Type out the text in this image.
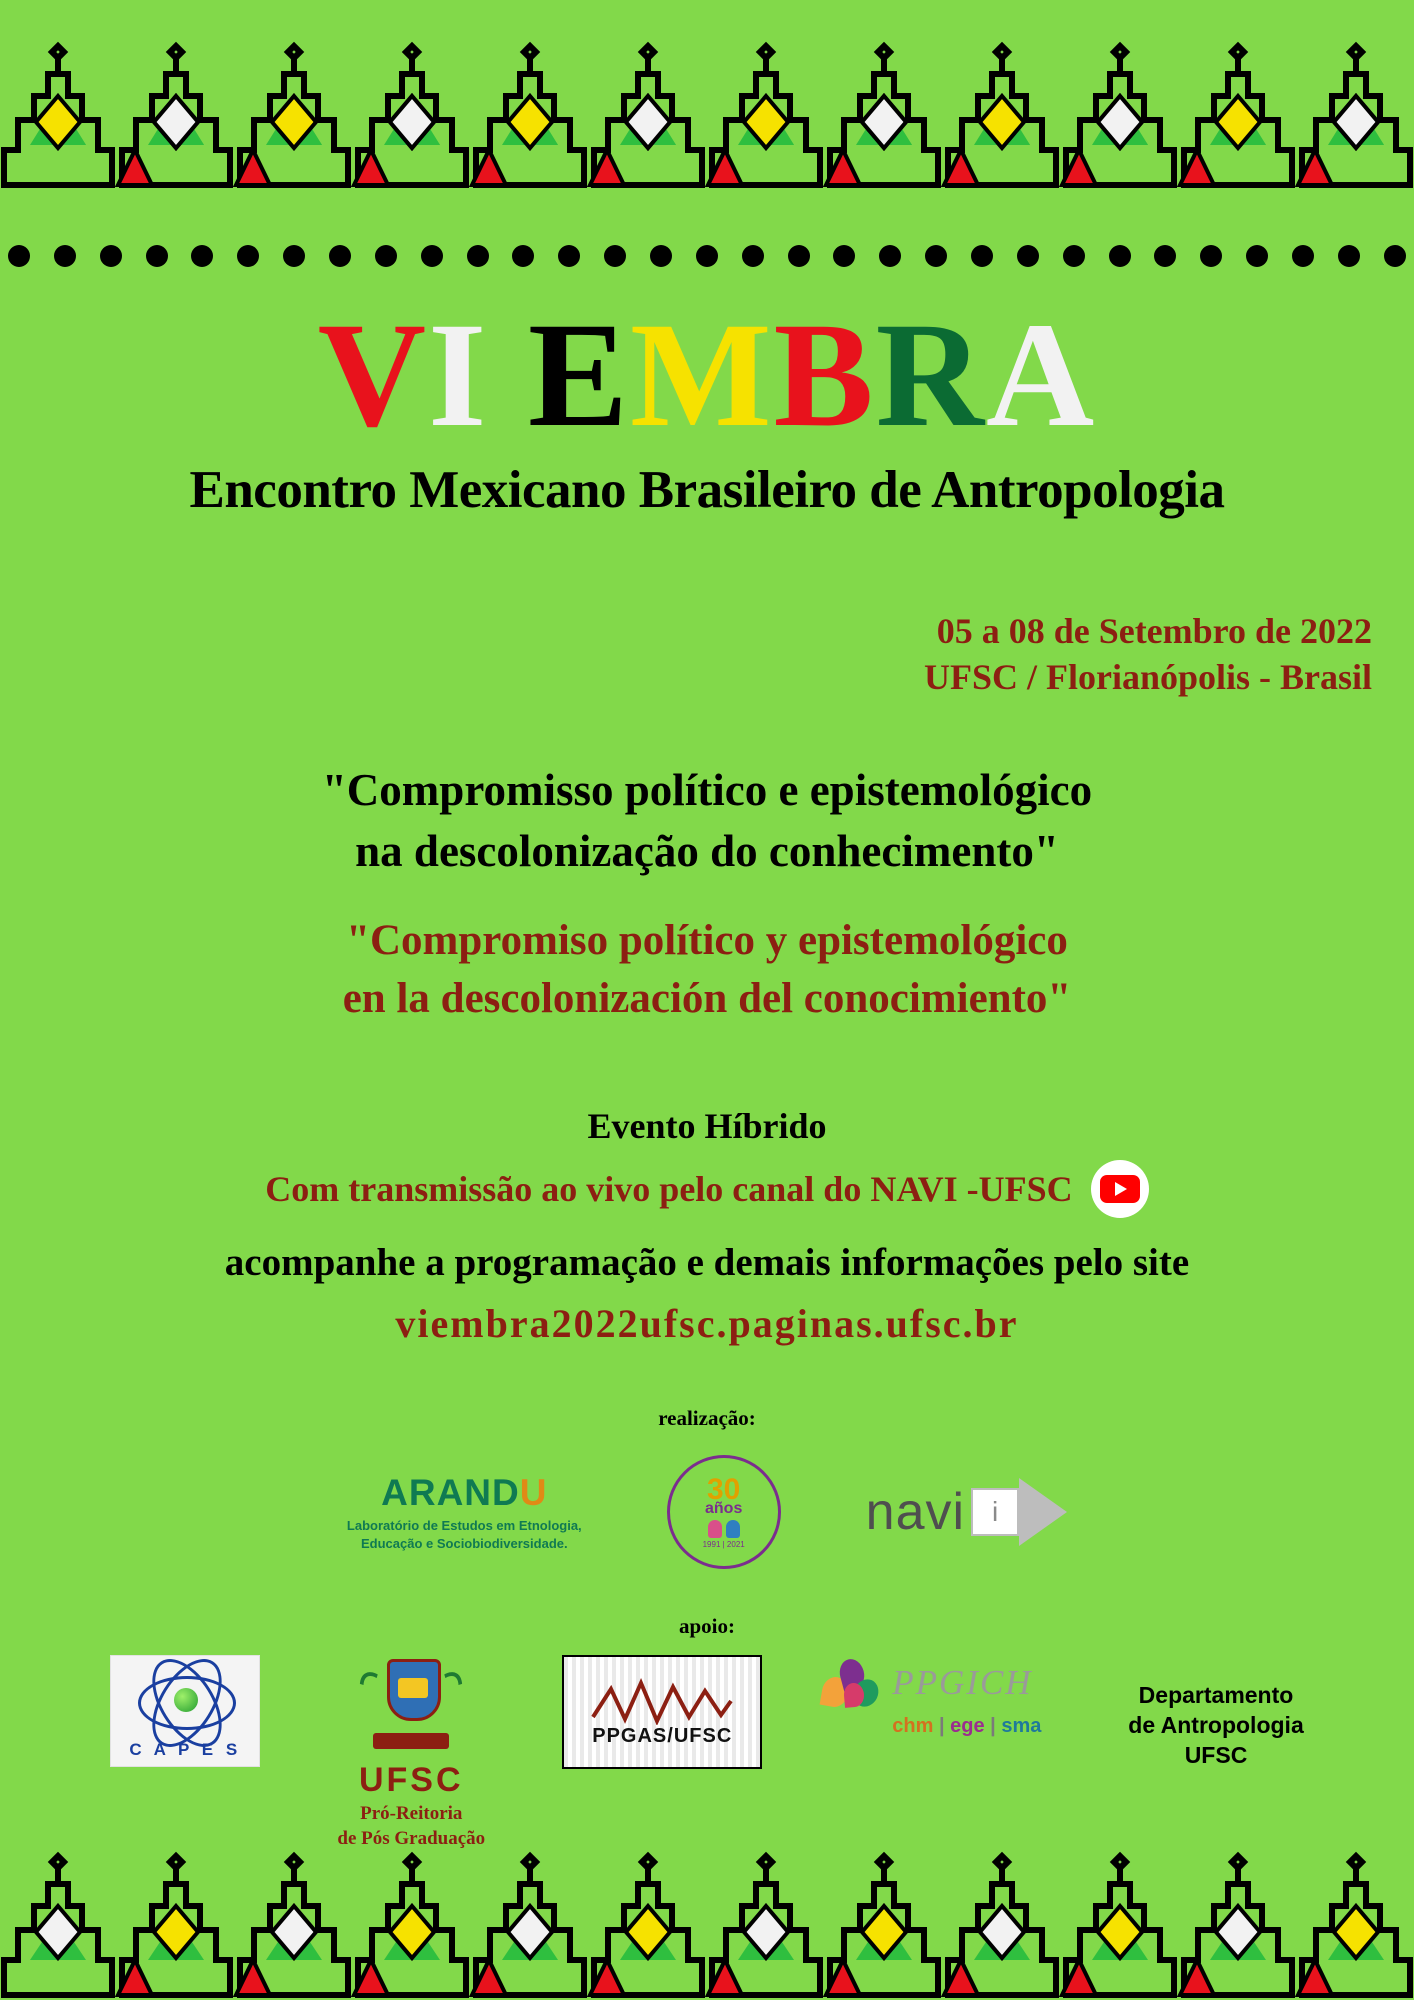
VI EMBRA
Encontro Mexicano Brasileiro de Antropologia
05 a 08 de Setembro de 2022
UFSC / Florianópolis - Brasil
"Compromisso político e epistemológico
na descolonização do conhecimento"
"Compromiso político y epistemológico
en la descolonización del conocimiento"
Evento Híbrido
Com transmissão ao vivo pelo canal do NAVI -UFSC
acompanhe a programação e demais informações pelo site
viembra2022ufsc.paginas.ufsc.br
realização:
ARANDU
Laboratório de Estudos em Etnologia,
Educação e Sociobiodiversidade.
30
años
1991 | 2021
navi i
apoio:
C A P E S
UFSC
Pró-Reitoria
de Pós Graduação
PPGAS/UFSC
PPGICH
chm | ege | sma
Departamento
de Antropologia
UFSC
